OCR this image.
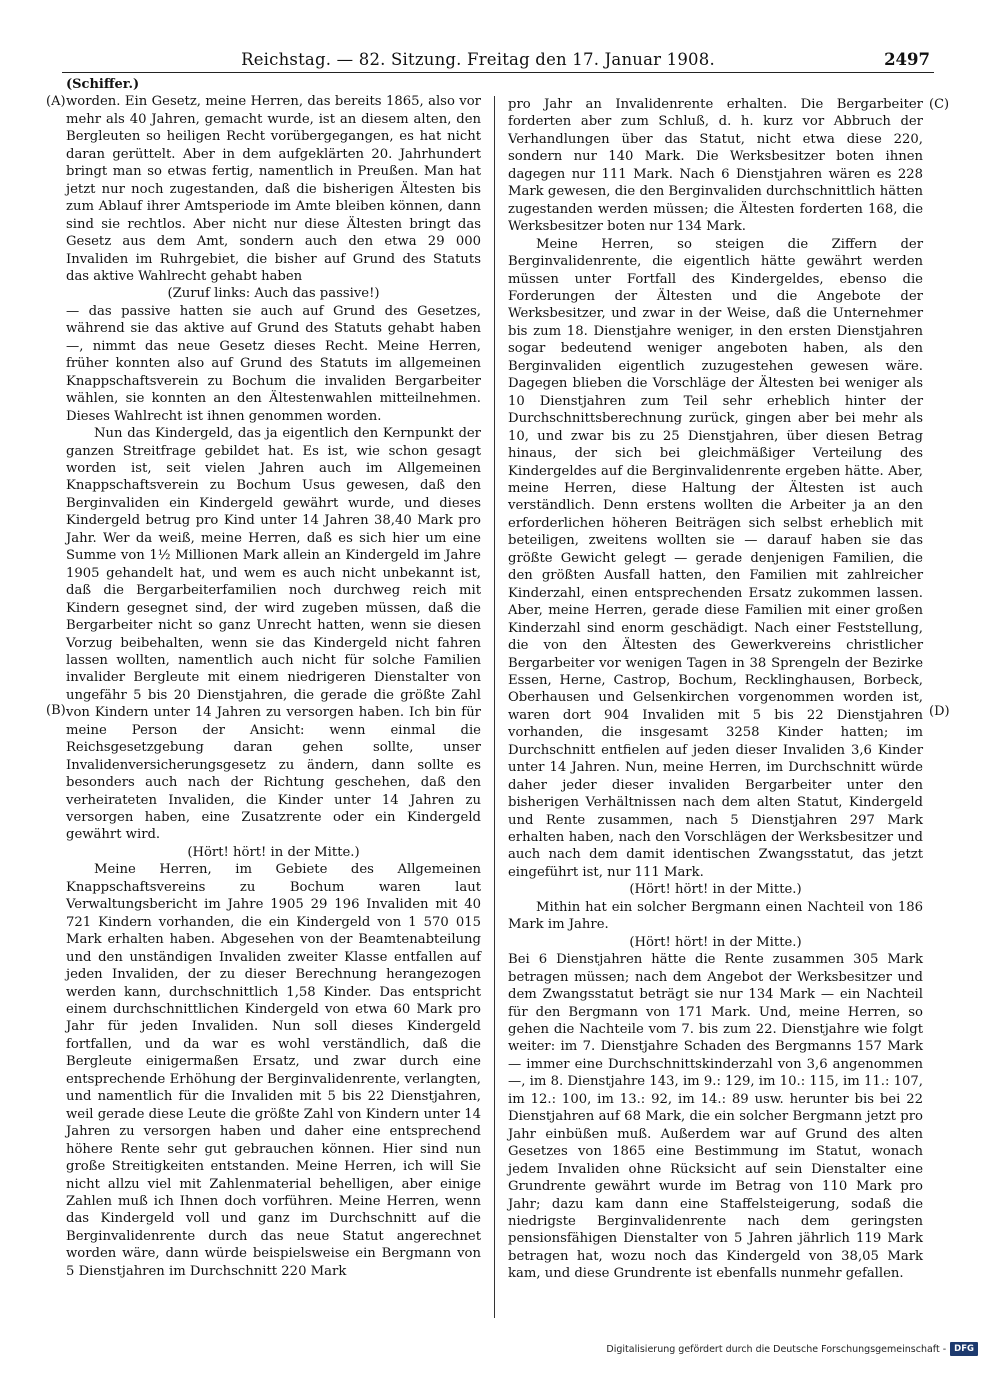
Reichstag. — 82. Sitzung. Freitag den 17. Januar 1908.	2497
(A)
(B)
(C)
(D)

(Schiffer.)

worden. Ein Gesetz, meine Herren, das bereits 1865, also vor mehr als 40 Jahren, gemacht wurde, ist an diesem alten, den Bergleuten so heiligen Recht vorübergegangen, es hat nicht daran gerüttelt. Aber in dem aufgeklärten 20. Jahrhundert bringt man so etwas fertig, namentlich in Preußen. Man hat jetzt nur noch zugestanden, daß die bisherigen Ältesten bis zum Ablauf ihrer Amtsperiode im Amte bleiben können, dann sind sie rechtlos. Aber nicht nur diese Ältesten bringt das Gesetz aus dem Amt, sondern auch den etwa 29 000 Invaliden im Ruhrgebiet, die bisher auf Grund des Statuts das aktive Wahlrecht gehabt haben

(Zuruf links: Auch das passive!)

— das passive hatten sie auch auf Grund des Gesetzes, während sie das aktive auf Grund des Statuts gehabt haben —, nimmt das neue Gesetz dieses Recht. Meine Herren, früher konnten also auf Grund des Statuts im allgemeinen Knappschaftsverein zu Bochum die invaliden Bergarbeiter wählen, sie konnten an den Ältestenwahlen mitteilnehmen. Dieses Wahlrecht ist ihnen genommen worden.

Nun das Kindergeld, das ja eigentlich den Kernpunkt der ganzen Streitfrage gebildet hat. Es ist, wie schon gesagt worden ist, seit vielen Jahren auch im Allgemeinen Knappschaftsverein zu Bochum Usus gewesen, daß den Berginvaliden ein Kindergeld gewährt wurde, und dieses Kindergeld betrug pro Kind unter 14 Jahren 38,40 Mark pro Jahr. Wer da weiß, meine Herren, daß es sich hier um eine Summe von 1½ Millionen Mark allein an Kindergeld im Jahre 1905 gehandelt hat, und wem es auch nicht unbekannt ist, daß die Bergarbeiterfamilien noch durchweg reich mit Kindern gesegnet sind, der wird zugeben müssen, daß die Bergarbeiter nicht so ganz Unrecht hatten, wenn sie diesen Vorzug beibehalten, wenn sie das Kindergeld nicht fahren lassen wollten, namentlich auch nicht für solche Familien invalider Bergleute mit einem niedrigeren Dienstalter von ungefähr 5 bis 20 Dienstjahren, die gerade die größte Zahl von Kindern unter 14 Jahren zu versorgen haben. Ich bin für meine Person der Ansicht: wenn einmal die Reichsgesetzgebung daran gehen sollte, unser Invalidenversicherungsgesetz zu ändern, dann sollte es besonders auch nach der Richtung geschehen, daß den verheirateten Invaliden, die Kinder unter 14 Jahren zu versorgen haben, eine Zusatzrente oder ein Kindergeld gewährt wird.

(Hört! hört! in der Mitte.)

Meine Herren, im Gebiete des Allgemeinen Knappschaftsvereins zu Bochum waren laut Verwaltungsbericht im Jahre 1905 29 196 Invaliden mit 40 721 Kindern vorhanden, die ein Kindergeld von 1 570 015 Mark erhalten haben. Abgesehen von der Beamtenabteilung und den unständigen Invaliden zweiter Klasse entfallen auf jeden Invaliden, der zu dieser Berechnung herangezogen werden kann, durchschnittlich 1,58 Kinder. Das entspricht einem durchschnittlichen Kindergeld von etwa 60 Mark pro Jahr für jeden Invaliden. Nun soll dieses Kindergeld fortfallen, und da war es wohl verständlich, daß die Bergleute einigermaßen Ersatz, und zwar durch eine entsprechende Erhöhung der Berginvalidenrente, verlangten, und namentlich für die Invaliden mit 5 bis 22 Dienstjahren, weil gerade diese Leute die größte Zahl von Kindern unter 14 Jahren zu versorgen haben und daher eine entsprechend höhere Rente sehr gut gebrauchen können. Hier sind nun große Streitigkeiten entstanden. Meine Herren, ich will Sie nicht allzu viel mit Zahlenmaterial behelligen, aber einige Zahlen muß ich Ihnen doch vorführen. Meine Herren, wenn das Kindergeld voll und ganz im Durchschnitt auf die Berginvalidenrente durch das neue Statut angerechnet worden wäre, dann würde beispielsweise ein Bergmann von 5 Dienstjahren im Durchschnitt 220 Mark

pro Jahr an Invalidenrente erhalten. Die Bergarbeiter forderten aber zum Schluß, d. h. kurz vor Abbruch der Verhandlungen über das Statut, nicht etwa diese 220, sondern nur 140 Mark. Die Werksbesitzer boten ihnen dagegen nur 111 Mark. Nach 6 Dienstjahren wären es 228 Mark gewesen, die den Berginvaliden durchschnittlich hätten zugestanden werden müssen; die Ältesten forderten 168, die Werksbesitzer boten nur 134 Mark.

Meine Herren, so steigen die Ziffern der Berginvalidenrente, die eigentlich hätte gewährt werden müssen unter Fortfall des Kindergeldes, ebenso die Forderungen der Ältesten und die Angebote der Werksbesitzer, und zwar in der Weise, daß die Unternehmer bis zum 18. Dienstjahre weniger, in den ersten Dienstjahren sogar bedeutend weniger angeboten haben, als den Berginvaliden eigentlich zuzugestehen gewesen wäre. Dagegen blieben die Vorschläge der Ältesten bei weniger als 10 Dienstjahren zum Teil sehr erheblich hinter der Durchschnittsberechnung zurück, gingen aber bei mehr als 10, und zwar bis zu 25 Dienstjahren, über diesen Betrag hinaus, der sich bei gleichmäßiger Verteilung des Kindergeldes auf die Berginvalidenrente ergeben hätte. Aber, meine Herren, diese Haltung der Ältesten ist auch verständlich. Denn erstens wollten die Arbeiter ja an den erforderlichen höheren Beiträgen sich selbst erheblich mit beteiligen, zweitens wollten sie — darauf haben sie das größte Gewicht gelegt — gerade denjenigen Familien, die den größten Ausfall hatten, den Familien mit zahlreicher Kinderzahl, einen entsprechenden Ersatz zukommen lassen. Aber, meine Herren, gerade diese Familien mit einer großen Kinderzahl sind enorm geschädigt. Nach einer Feststellung, die von den Ältesten des Gewerkvereins christlicher Bergarbeiter vor wenigen Tagen in 38 Sprengeln der Bezirke Essen, Herne, Castrop, Bochum, Recklinghausen, Borbeck, Oberhausen und Gelsenkirchen vorgenommen worden ist, waren dort 904 Invaliden mit 5 bis 22 Dienstjahren vorhanden, die insgesamt 3258 Kinder hatten; im Durchschnitt entfielen auf jeden dieser Invaliden 3,6 Kinder unter 14 Jahren. Nun, meine Herren, im Durchschnitt würde daher jeder dieser invaliden Bergarbeiter unter den bisherigen Verhältnissen nach dem alten Statut, Kindergeld und Rente zusammen, nach 5 Dienstjahren 297 Mark erhalten haben, nach den Vorschlägen der Werksbesitzer und auch nach dem damit identischen Zwangsstatut, das jetzt eingeführt ist, nur 111 Mark.

(Hört! hört! in der Mitte.)

Mithin hat ein solcher Bergmann einen Nachteil von 186 Mark im Jahre.

(Hört! hört! in der Mitte.)

Bei 6 Dienstjahren hätte die Rente zusammen 305 Mark betragen müssen; nach dem Angebot der Werksbesitzer und dem Zwangsstatut beträgt sie nur 134 Mark — ein Nachteil für den Bergmann von 171 Mark. Und, meine Herren, so gehen die Nachteile vom 7. bis zum 22. Dienstjahre wie folgt weiter: im 7. Dienstjahre Schaden des Bergmanns 157 Mark — immer eine Durchschnittskinderzahl von 3,6 angenommen —, im 8. Dienstjahre 143, im 9.: 129, im 10.: 115, im 11.: 107, im 12.: 100, im 13.: 92, im 14.: 89 usw. herunter bis bei 22 Dienstjahren auf 68 Mark, die ein solcher Bergmann jetzt pro Jahr einbüßen muß. Außerdem war auf Grund des alten Gesetzes von 1865 eine Bestimmung im Statut, wonach jedem Invaliden ohne Rücksicht auf sein Dienstalter eine Grundrente gewährt wurde im Betrag von 110 Mark pro Jahr; dazu kam dann eine Staffelsteigerung, sodaß die niedrigste Berginvalidenrente nach dem geringsten pensionsfähigen Dienstalter von 5 Jahren jährlich 119 Mark betragen hat, wozu noch das Kindergeld von 38,05 Mark kam, und diese Grundrente ist ebenfalls nunmehr gefallen.

Digitalisierung gefördert durch die Deutsche Forschungsgemeinschaft - DFG
